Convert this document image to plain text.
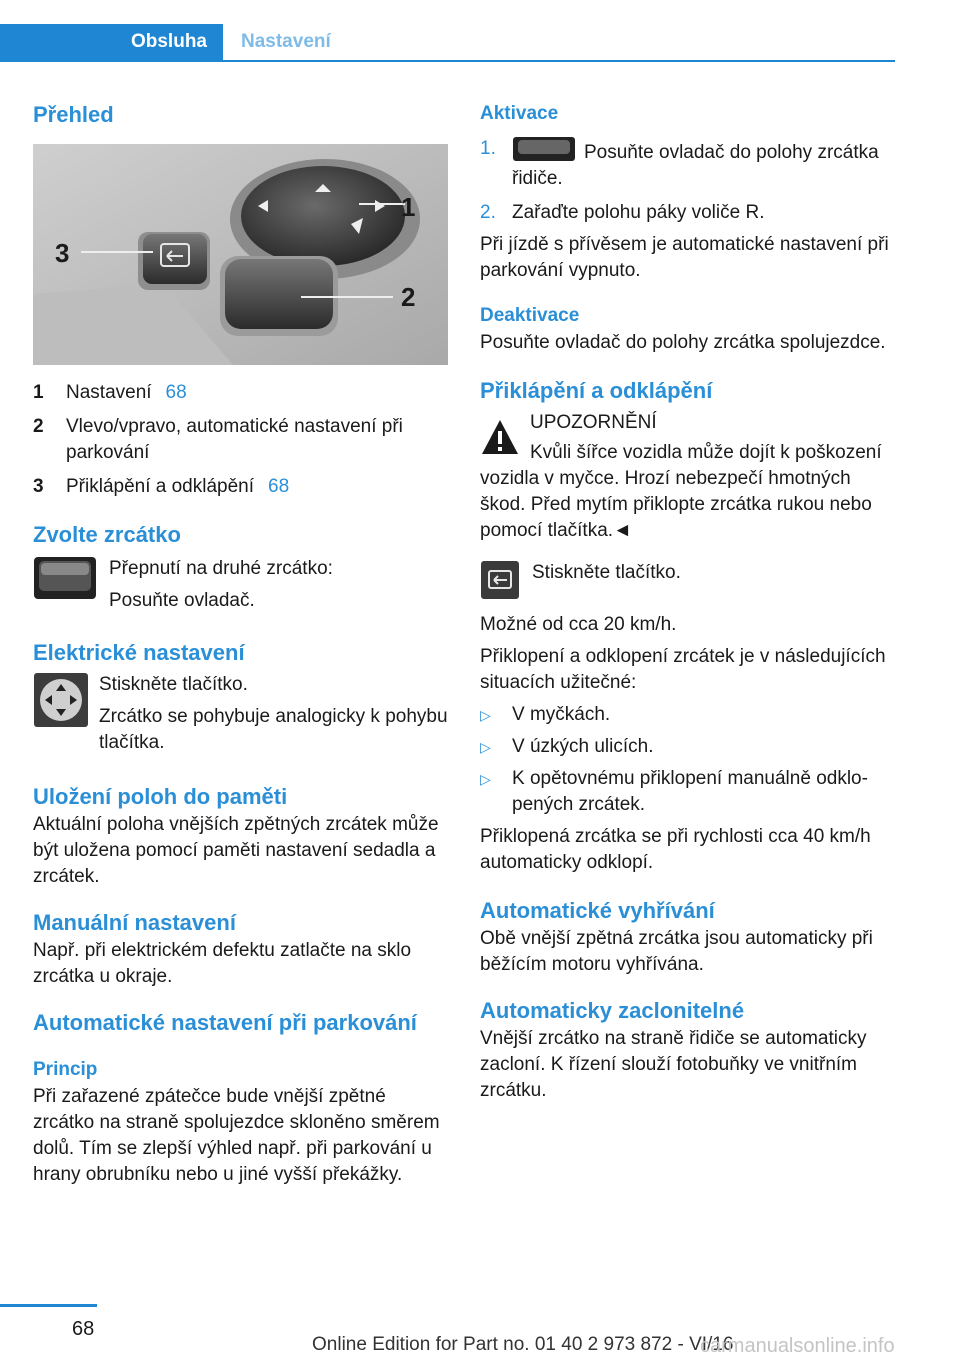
Obsluha	Nastavení
Přehled
1
2
3
1	Nastavení 68
2	Vlevo/vpravo, automatické nastavení při parkování
3	Přiklápění a odklápění 68
Zvolte zrcátko

Přepnutí na druhé zrcátko:

Posuňte ovladač.

Elektrické nastavení

Stiskněte tlačítko.

Zrcátko se pohybuje analogicky k pohybu tlačítka.

Uložení poloh do paměti

Aktuální poloha vnějších zpětných zrcátek může být uložena pomocí paměti nastavení sedadla a zrcátek.

Manuální nastavení

Např. při elektrickém defektu zatlačte na sklo zrcátka u okraje.

Automatické nastavení při parkování
Princip

Při zařazené zpátečce bude vnější zpětné zrcátko na straně spolujezdce skloněno směrem dolů. Tím se zlepší výhled např. při parkování u hrany obrubníku nebo u jiné vyšší překážky.

Aktivace
1.	Posuňte ovladač do polohy zrcátka řidiče.
2. Zařaďte polohu páky voliče R.

Při jízdě s přívěsem je automatické nastavení při parkování vypnuto.

Deaktivace

Posuňte ovladač do polohy zrcátka spolujezdce.

Přiklápění a odklápění

UPOZORNĚNÍ

Kvůli šířce vozidla může dojít k poškození vozidla v myčce. Hrozí nebezpečí hmotných škod. Před mytím přiklopte zrcátka rukou nebo pomocí tlačítka.◄

Stiskněte tlačítko.

Možné od cca 20 km/h.

Přiklopení a odklopení zrcátek je v následujících situacích užitečné:

▷	V myčkách.
▷	V úzkých ulicích.
▷	K opětovnému přiklopení manuálně odklopených zrcátek.

Přiklopená zrcátka se při rychlosti cca 40 km/h automaticky odklopí.

Automatické vyhřívání

Obě vnější zpětná zrcátka jsou automaticky při běžícím motoru vyhřívána.

Automaticky zaclonitelné

Vnější zrcátko na straně řidiče se automaticky zacloní. K řízení slouží fotobuňky ve vnitřním zrcátku.

68
Online Edition for Part no. 01 40 2 973 872 - VI/16
carmanualsonline.info
